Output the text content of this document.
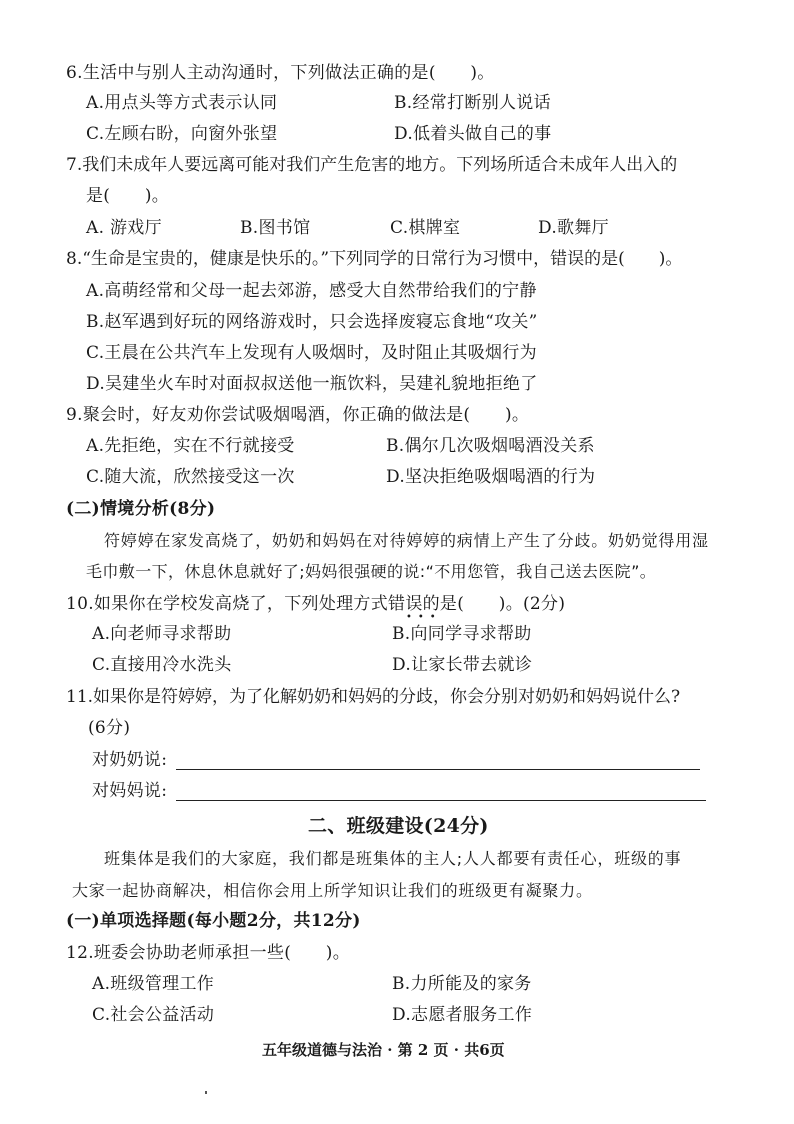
6.生活中与别人主动沟通时，下列做法正确的是(　　)。
A.用点头等方式表示认同	B.经常打断别人说话
C.左顾右盼，向窗外张望	D.低着头做自己的事
7.我们未成年人要远离可能对我们产生危害的地方。下列场所适合未成年人出入的
是(　　)。
A. 游戏厅	B.图书馆	C.棋牌室	D.歌舞厅
8.“生命是宝贵的，健康是快乐的。”下列同学的日常行为习惯中，错误的是(　　)。
A.高萌经常和父母一起去郊游，感受大自然带给我们的宁静
B.赵军遇到好玩的网络游戏时，只会选择废寝忘食地“攻关”
C.王晨在公共汽车上发现有人吸烟时，及时阻止其吸烟行为
D.吴建坐火车时对面叔叔送他一瓶饮料，吴建礼貌地拒绝了
9.聚会时，好友劝你尝试吸烟喝酒，你正确的做法是(　　)。
A.先拒绝，实在不行就接受	B.偶尔几次吸烟喝酒没关系
C.随大流，欣然接受这一次	D.坚决拒绝吸烟喝酒的行为
(二)情境分析(8分)
符婷婷在家发高烧了，奶奶和妈妈在对待婷婷的病情上产生了分歧。奶奶觉得用湿
毛巾敷一下，休息休息就好了;妈妈很强硬的说:“不用您管，我自己送去医院”。
10.如果你在学校发高烧了，下列处理方式错误的是(　　)。(2分)
•••
A.向老师寻求帮助	B.向同学寻求帮助
C.直接用冷水洗头	D.让家长带去就诊
11.如果你是符婷婷，为了化解奶奶和妈妈的分歧，你会分别对奶奶和妈妈说什么?
(6分)
对奶奶说:
对妈妈说:
二、班级建设(24分)
班集体是我们的大家庭，我们都是班集体的主人;人人都要有责任心，班级的事
大家一起协商解决，相信你会用上所学知识让我们的班级更有凝聚力。
(一)单项选择题(每小题2分，共12分)
12.班委会协助老师承担一些(　　)。
A.班级管理工作	B.力所能及的家务
C.社会公益活动	D.志愿者服务工作
五年级道德与法治 · 第 2 页 · 共6页
